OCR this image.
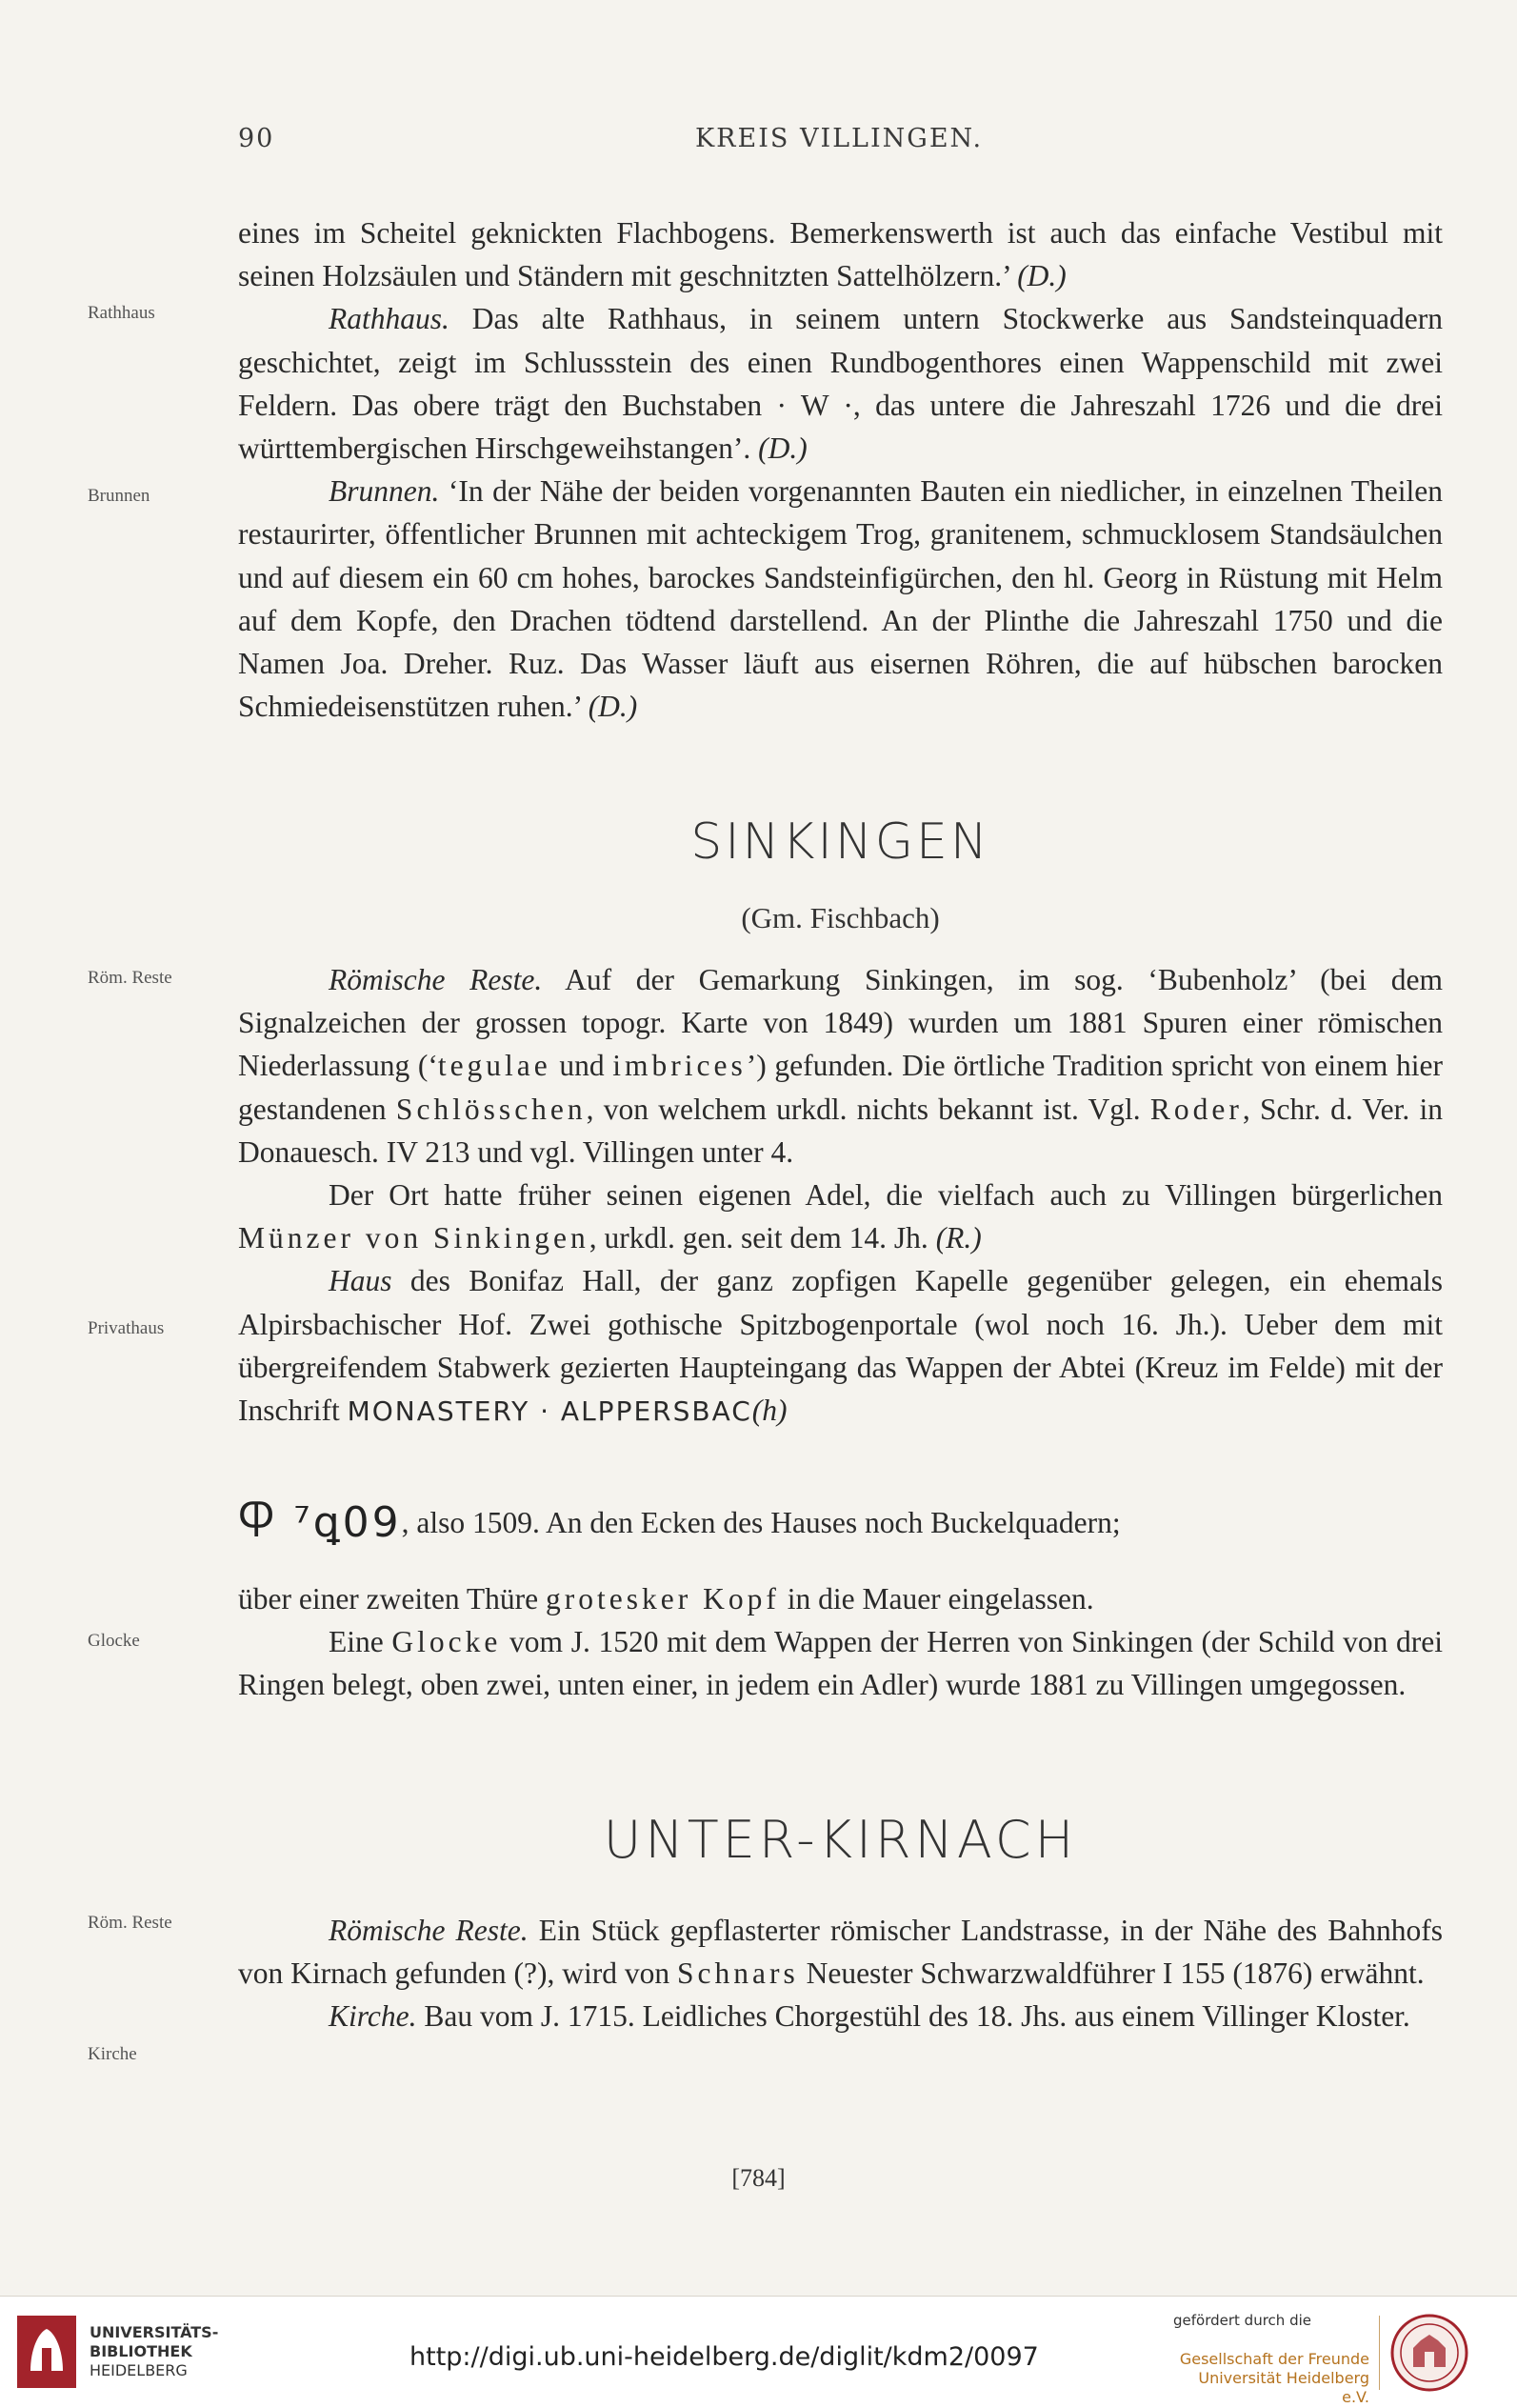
90	KREIS VILLINGEN.
Rathhaus
Brunnen
Röm. Reste
Privathaus
Glocke
Röm. Reste
Kirche

eines im Scheitel geknickten Flachbogens. Bemerkenswerth ist auch das einfache Vestibul mit seinen Holzsäulen und Ständern mit geschnitzten Sattelhölzern.’ (D.)

Rathhaus. Das alte Rathhaus, in seinem untern Stockwerke aus Sandsteinquadern geschichtet, zeigt im Schlussstein des einen Rundbogenthores einen Wappenschild mit zwei Feldern. Das obere trägt den Buchstaben · W ·, das untere die Jahreszahl 1726 und die drei württembergischen Hirschgeweihstangen’. (D.)

Brunnen. ‘In der Nähe der beiden vorgenannten Bauten ein niedlicher, in einzelnen Theilen restaurirter, öffentlicher Brunnen mit achteckigem Trog, granitenem, schmucklosem Standsäulchen und auf diesem ein 60 cm hohes, barockes Sandsteinfigürchen, den hl. Georg in Rüstung mit Helm auf dem Kopfe, den Drachen tödtend darstellend. An der Plinthe die Jahreszahl 1750 und die Namen Joa. Dreher. Ruz. Das Wasser läuft aus eisernen Röhren, die auf hübschen barocken Schmiedeisenstützen ruhen.’ (D.)

SINKINGEN
(Gm. Fischbach)

Römische Reste. Auf der Gemarkung Sinkingen, im sog. ‘Bubenholz’ (bei dem Signalzeichen der grossen topogr. Karte von 1849) wurden um 1881 Spuren einer römischen Niederlassung (‘tegulae und imbrices’) gefunden. Die örtliche Tradition spricht von einem hier gestandenen Schlösschen, von welchem urkdl. nichts bekannt ist. Vgl. Roder, Schr. d. Ver. in Donauesch. IV 213 und vgl. Villingen unter 4.

Der Ort hatte früher seinen eigenen Adel, die vielfach auch zu Villingen bürgerlichen Münzer von Sinkingen, urkdl. gen. seit dem 14. Jh. (R.)

Haus des Bonifaz Hall, der ganz zopfigen Kapelle gegenüber gelegen, ein ehemals Alpirsbachischer Hof. Zwei gothische Spitzbogenportale (wol noch 16. Jh.). Ueber dem mit übergreifendem Stabwerk gezierten Haupteingang das Wappen der Abtei (Kreuz im Felde) mit der Inschrift MONASTERY · ALPPERSBAC(h)

Ⴔ ⁷ꝗ09, also 1509. An den Ecken des Hauses noch Buckelquadern;

über einer zweiten Thüre grotesker Kopf in die Mauer eingelassen.

Eine Glocke vom J. 1520 mit dem Wappen der Herren von Sinkingen (der Schild von drei Ringen belegt, oben zwei, unten einer, in jedem ein Adler) wurde 1881 zu Villingen umgegossen.

UNTER-KIRNACH

Römische Reste. Ein Stück gepflasterter römischer Landstrasse, in der Nähe des Bahnhofs von Kirnach gefunden (?), wird von Schnars Neuester Schwarzwaldführer I 155 (1876) erwähnt.

Kirche. Bau vom J. 1715. Leidliches Chorgestühl des 18. Jhs. aus einem Villinger Kloster.

[784]
UNIVERSITÄTS-
BIBLIOTHEK
HEIDELBERG	http://digi.ub.uni-heidelberg.de/diglit/kdm2/0097
gefördert durch die
Gesellschaft der Freunde
Universität Heidelberg e.V.
